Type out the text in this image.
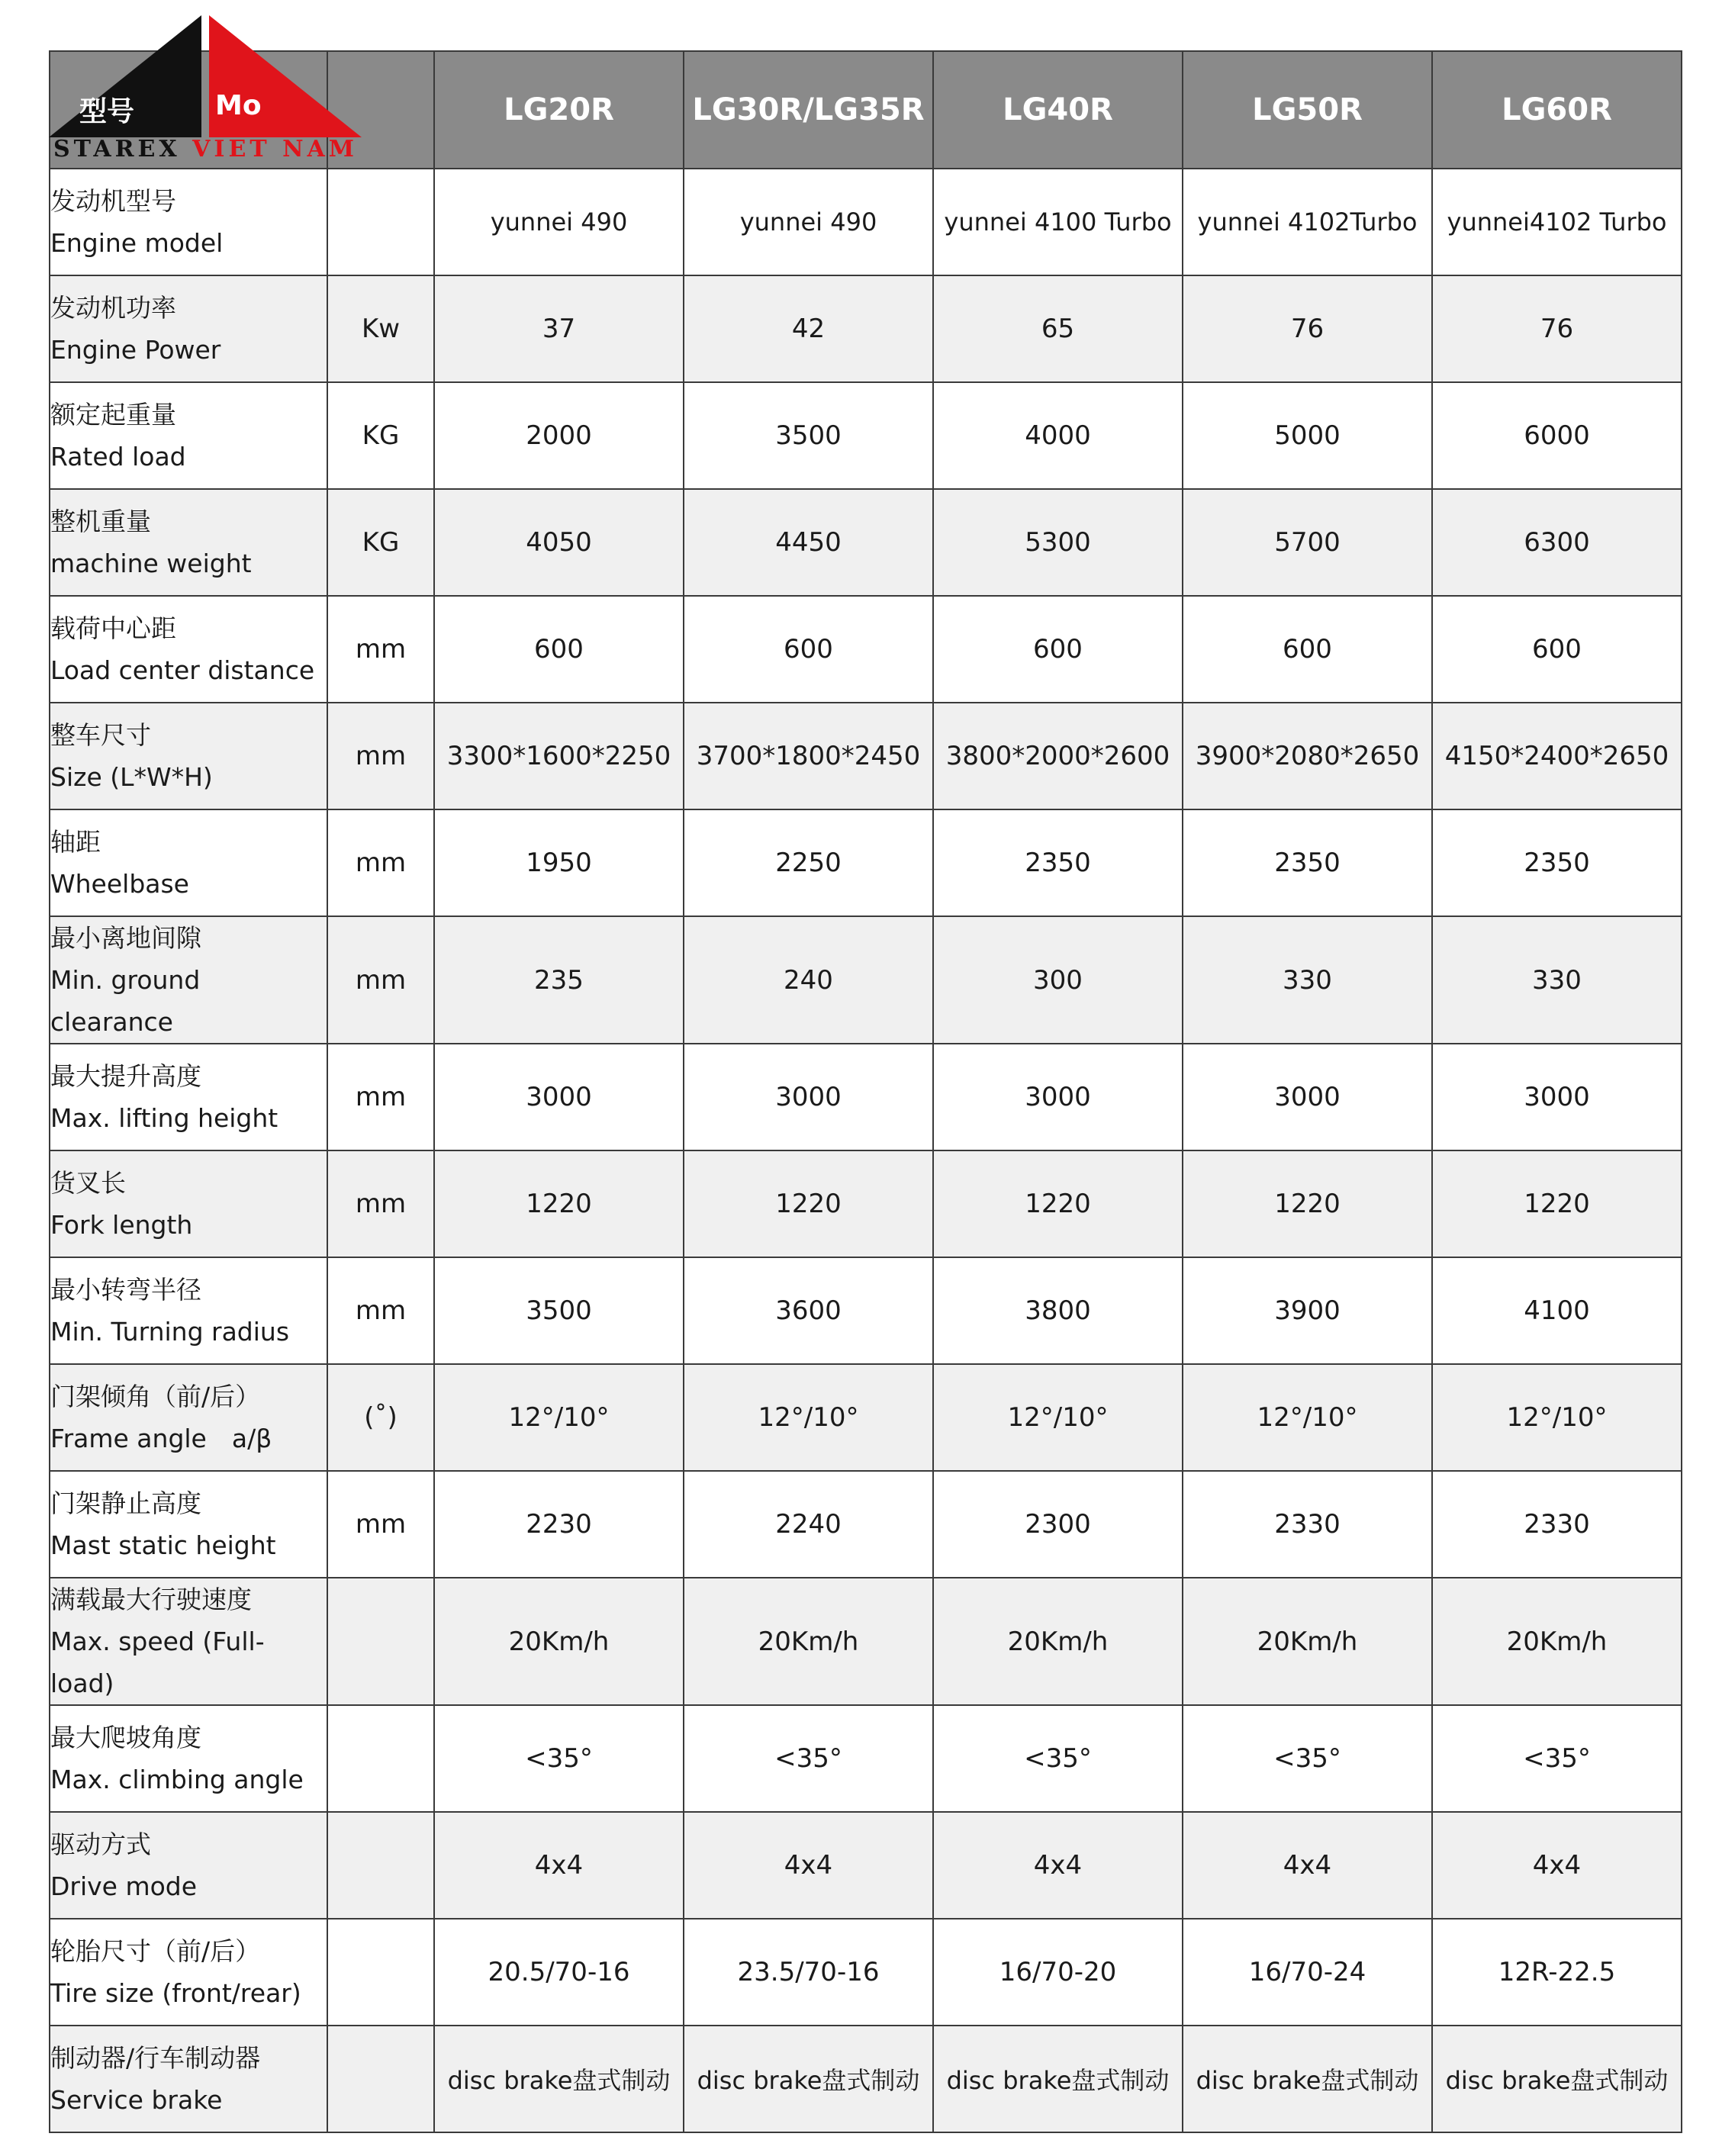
型号	Mo
STAREX VIET NAM
		LG20R	LG30R/LG35R	LG40R	LG50R	LG60R

发动机型号
Engine model		yunnei 490	yunnei 490	yunnei 4100 Turbo	yunnei 4102Turbo	yunnei4102 Turbo

发动机功率
Engine Power	Kw	37	42	65	76	76

额定起重量
Rated load	KG	2000	3500	4000	5000	6000

整机重量
machine weight	KG	4050	4450	5300	5700	6300

载荷中心距
Load center distance	mm	600	600	600	600	600

整车尺寸
Size (L*W*H)	mm	3300*1600*2250	3700*1800*2450	3800*2000*2600	3900*2080*2650	4150*2400*2650

轴距
Wheelbase	mm	1950	2250	2350	2350	2350

最小离地间隙
Min. ground clearance	mm	235	240	300	330	330

最大提升高度
Max. lifting height	mm	3000	3000	3000	3000	3000

货叉长
Fork length	mm	1220	1220	1220	1220	1220

最小转弯半径
Min. Turning radius	mm	3500	3600	3800	3900	4100

门架倾角（前/后）
Frame angle　a/β	(˚)	12°/10°	12°/10°	12°/10°	12°/10°	12°/10°

门架静止高度
Mast static height	mm	2230	2240	2300	2330	2330

满载最大行驶速度
Max. speed (Full-load)		20Km/h	20Km/h	20Km/h	20Km/h	20Km/h

最大爬坡角度
Max. climbing angle		<35°	<35°	<35°	<35°	<35°

驱动方式
Drive mode		4x4	4x4	4x4	4x4	4x4

轮胎尺寸（前/后）
Tire size (front/rear)		20.5/70-16	23.5/70-16	16/70-20	16/70-24	12R-22.5

制动器/行车制动器
Service brake		disc brake盘式制动	disc brake盘式制动	disc brake盘式制动	disc brake盘式制动	disc brake盘式制动
